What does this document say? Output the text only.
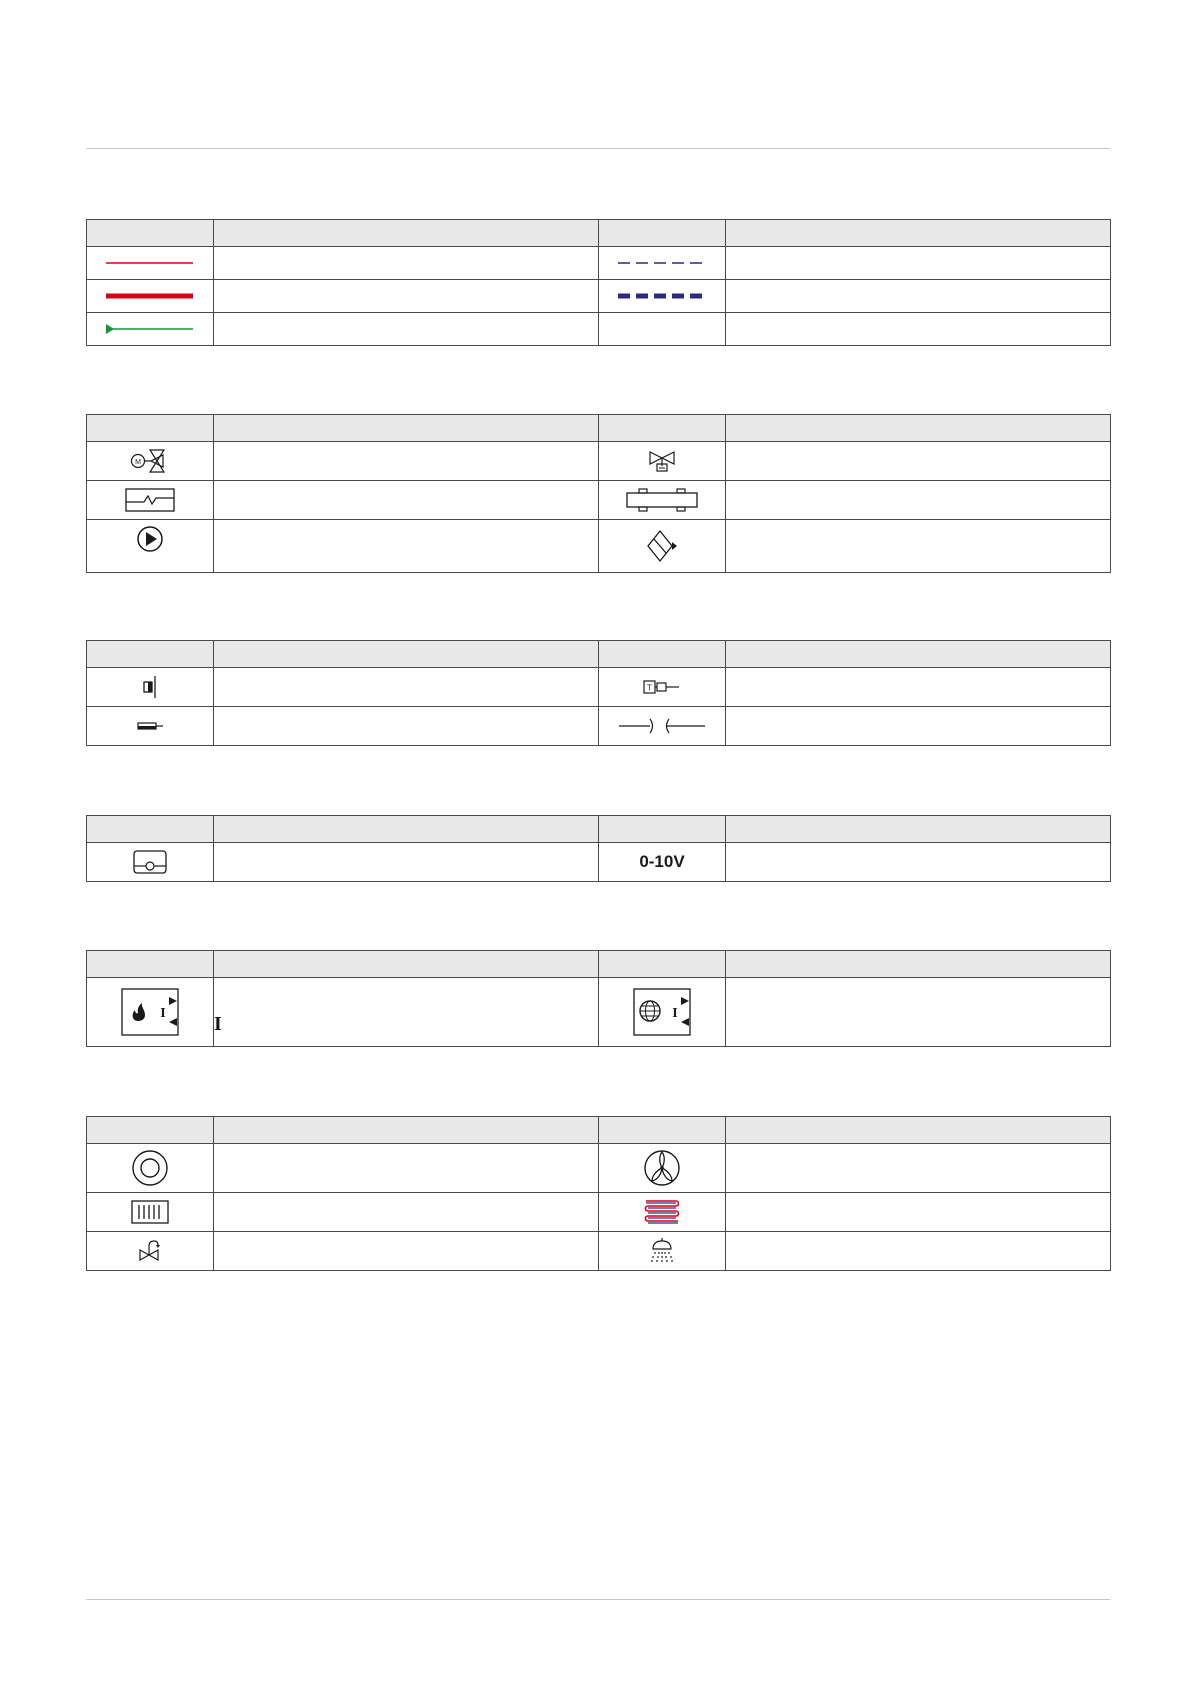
M

T	

		0-10V	

I	I	I	
